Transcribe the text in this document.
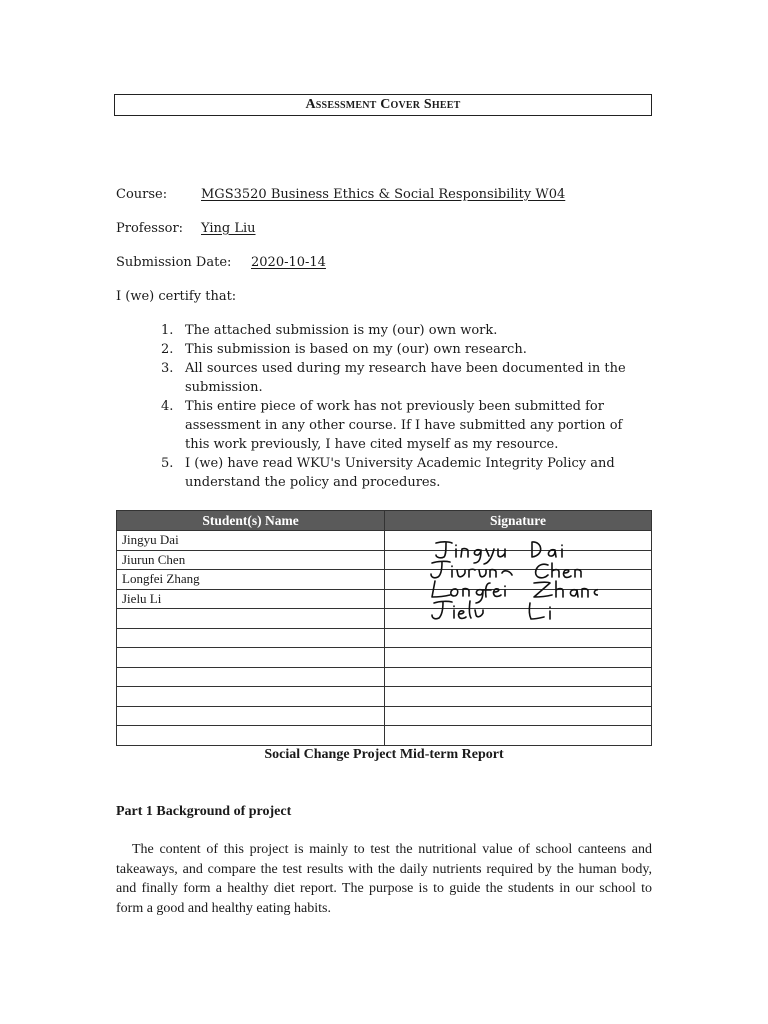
Assessment Cover Sheet
Course:	MGS3520 Business Ethics & Social Responsibility W04
Professor: Ying Liu
Submission Date: 2020-10-14
I (we) certify that:
1. The attached submission is my (our) own work.
2. This submission is based on my (our) own research.
3. All sources used during my research have been documented in the submission.
4. This entire piece of work has not previously been submitted for assessment in any other course. If I have submitted any portion of this work previously, I have cited myself as my resource.
5. I (we) have read WKU's University Academic Integrity Policy and understand the policy and procedures.
Student(s) Name	Signature
Jingyu Dai	
Jiurun Chen	
Longfei Zhang	
Jielu Li	

Social Change Project Mid-term Report
Part 1 Background of project

The content of this project is mainly to test the nutritional value of school canteens and takeaways, and compare the test results with the daily nutrients required by the human body, and finally form a healthy diet report. The purpose is to guide the students in our school to form a good and healthy eating habits.
